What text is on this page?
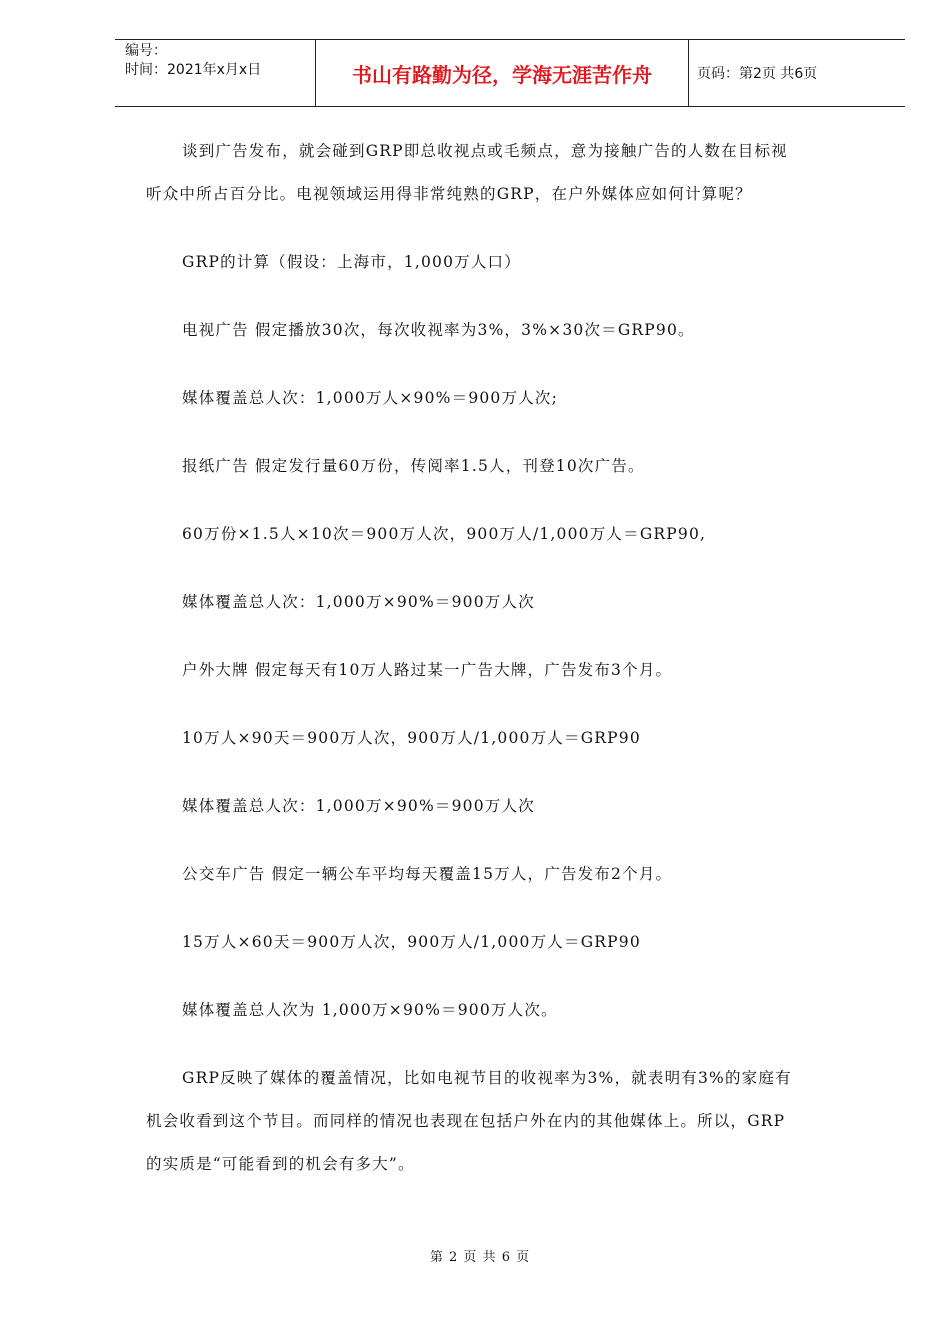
编号：
时间：2021年x月x日	书山有路勤为径，学海无涯苦作舟	页码：第2页 共6页

谈到广告发布，就会碰到GRP即总收视点或毛频点，意为接触广告的人数在目标视

听众中所占百分比。电视领域运用得非常纯熟的GRP，在户外媒体应如何计算呢？

GRP的计算（假设：上海市，1,000万人口）

电视广告 假定播放30次，每次收视率为3%，3%×30次＝GRP90。

媒体覆盖总人次：1,000万人×90%＝900万人次;

报纸广告 假定发行量60万份，传阅率1.5人，刊登10次广告。

60万份×1.5人×10次＝900万人次，900万人/1,000万人＝GRP90,

媒体覆盖总人次：1,000万×90%＝900万人次

户外大牌 假定每天有10万人路过某一广告大牌，广告发布3个月。

10万人×90天＝900万人次，900万人/1,000万人＝GRP90

媒体覆盖总人次：1,000万×90%＝900万人次

公交车广告 假定一辆公车平均每天覆盖15万人，广告发布2个月。

15万人×60天＝900万人次，900万人/1,000万人＝GRP90

媒体覆盖总人次为 1,000万×90%＝900万人次。

GRP反映了媒体的覆盖情况，比如电视节目的收视率为3%，就表明有3%的家庭有

机会收看到这个节目。而同样的情况也表现在包括户外在内的其他媒体上。所以，GRP

的实质是“可能看到的机会有多大”。

第 2 页 共 6 页
